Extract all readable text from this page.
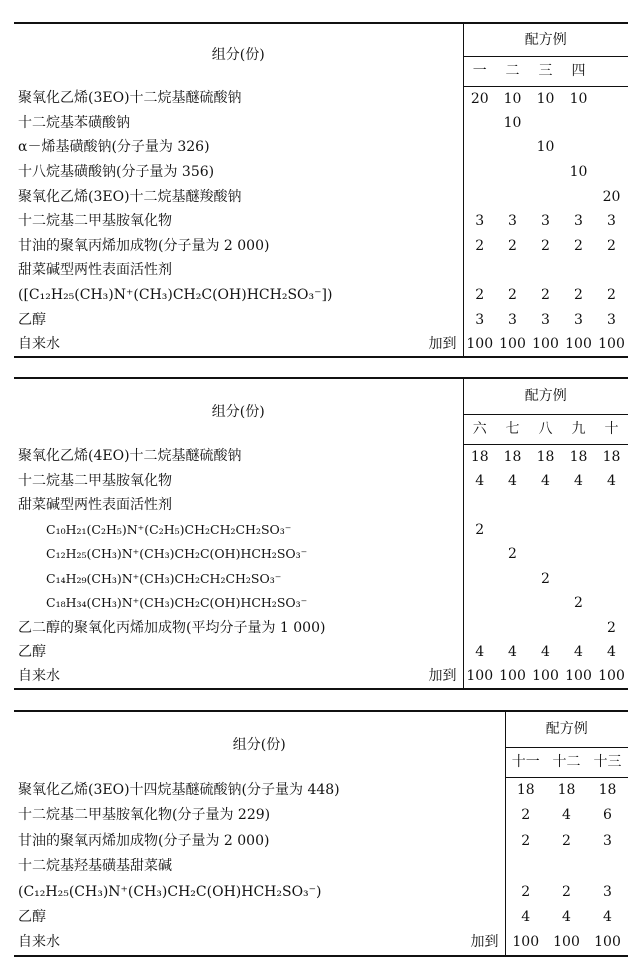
组分(份)	配方例				
	一	二	三	四	
聚氧化乙烯(3EO)十二烷基醚硫酸钠	20	10	10	10	
十二烷基苯磺酸钠		10			
α－烯基磺酸钠(分子量为 326)			10		
十八烷基磺酸钠(分子量为 356)				10	
聚氧化乙烯(3EO)十二烷基醚羧酸钠					20
十二烷基二甲基胺氧化物	3	3	3	3	3
甘油的聚氧丙烯加成物(分子量为 2 000)	2	2	2	2	2
甜菜碱型两性表面活性剂					
([C₁₂H₂₅(CH₃)N⁺(CH₃)CH₂C(OH)HCH₂SO₃⁻])	2	2	2	2	2
乙醇	3	3	3	3	3
自来水 加到	100	100	100	100	100
组分(份)	配方例				
	六	七	八	九	十
聚氧化乙烯(4EO)十二烷基醚硫酸钠	18	18	18	18	18
十二烷基二甲基胺氧化物	4	4	4	4	4
甜菜碱型两性表面活性剂					
C₁₀H₂₁(C₂H₅)N⁺(C₂H₅)CH₂CH₂CH₂SO₃⁻	2				
C₁₂H₂₅(CH₃)N⁺(CH₃)CH₂C(OH)HCH₂SO₃⁻		2			
C₁₄H₂₉(CH₃)N⁺(CH₃)CH₂CH₂CH₂SO₃⁻			2		
C₁₈H₃₄(CH₃)N⁺(CH₃)CH₂C(OH)HCH₂SO₃⁻				2	
乙二醇的聚氧化丙烯加成物(平均分子量为 1 000)					2
乙醇	4	4	4	4	4
自来水 加到	100	100	100	100	100
组分(份)	配方例		
	十一	十二	十三
聚氧化乙烯(3EO)十四烷基醚硫酸钠(分子量为 448)	18	18	18
十二烷基二甲基胺氧化物(分子量为 229)	2	4	6
甘油的聚氧丙烯加成物(分子量为 2 000)	2	2	3
十二烷基羟基磺基甜菜碱			
(C₁₂H₂₅(CH₃)N⁺(CH₃)CH₂C(OH)HCH₂SO₃⁻)	2	2	3
乙醇	4	4	4
自来水 加到	100	100	100
